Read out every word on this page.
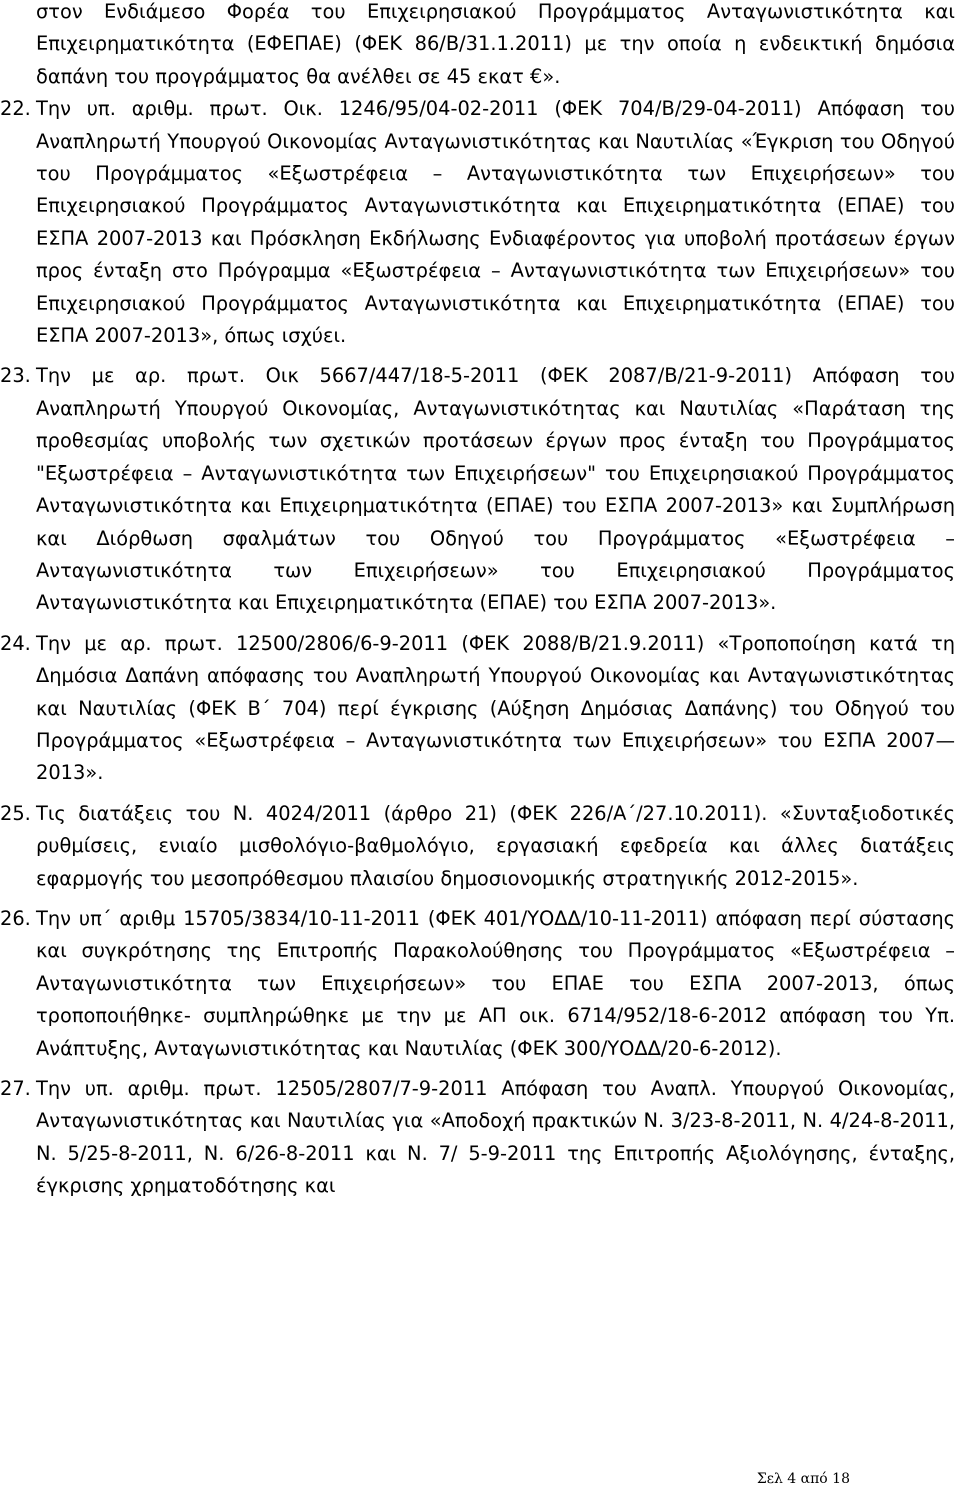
στον Ενδιάμεσο Φορέα του Επιχειρησιακού Προγράμματος Ανταγωνιστικότητα και Επιχειρηματικότητα (ΕΦΕΠΑΕ) (ΦΕΚ 86/Β/31.1.2011) με την οποία η ενδεικτική δημόσια δαπάνη του προγράμματος θα ανέλθει σε 45 εκατ €».

22. Την υπ. αριθμ. πρωτ. Οικ. 1246/95/04-02-2011 (ΦΕΚ 704/Β/29-04-2011) Απόφαση του Αναπληρωτή Υπουργού Οικονομίας Ανταγωνιστικότητας και Ναυτιλίας «Έγκριση του Οδηγού του Προγράμματος «Εξωστρέφεια – Ανταγωνιστικότητα των Επιχειρήσεων» του Επιχειρησιακού Προγράμματος Ανταγωνιστικότητα και Επιχειρηματικότητα (ΕΠΑΕ) του ΕΣΠΑ 2007-2013 και Πρόσκληση Εκδήλωσης Ενδιαφέροντος για υποβολή προτάσεων έργων προς ένταξη στο Πρόγραμμα «Εξωστρέφεια – Ανταγωνιστικότητα των Επιχειρήσεων» του Επιχειρησιακού Προγράμματος Ανταγωνιστικότητα και Επιχειρηματικότητα (ΕΠΑΕ) του ΕΣΠΑ 2007-2013», όπως ισχύει.
23. Την με αρ. πρωτ. Οικ 5667/447/18-5-2011 (ΦΕΚ 2087/Β/21-9-2011) Απόφαση του Αναπληρωτή Υπουργού Οικονομίας, Ανταγωνιστικότητας και Ναυτιλίας «Παράταση της προθεσμίας υποβολής των σχετικών προτάσεων έργων προς ένταξη του Προγράμματος "Εξωστρέφεια – Ανταγωνιστικότητα των Επιχειρήσεων" του Επιχειρησιακού Προγράμματος Ανταγωνιστικότητα και Επιχειρηματικότητα (ΕΠΑΕ) του ΕΣΠΑ 2007-2013» και Συμπλήρωση και Διόρθωση σφαλμάτων του Οδηγού του Προγράμματος «Εξωστρέφεια – Ανταγωνιστικότητα των Επιχειρήσεων» του Επιχειρησιακού Προγράμματος Ανταγωνιστικότητα και Επιχειρηματικότητα (ΕΠΑΕ) του ΕΣΠΑ 2007-2013».
24. Την με αρ. πρωτ. 12500/2806/6-9-2011 (ΦΕΚ 2088/Β/21.9.2011) «Τροποποίηση κατά τη Δημόσια Δαπάνη απόφασης του Αναπληρωτή Υπουργού Οικονομίας και Ανταγωνιστικότητας και Ναυτιλίας (ΦΕΚ Β΄ 704) περί έγκρισης (Αύξηση Δημόσιας Δαπάνης) του Οδηγού του Προγράμματος «Εξωστρέφεια – Ανταγωνιστικότητα των Επιχειρήσεων» του ΕΣΠΑ 2007—2013».
25. Τις διατάξεις του Ν. 4024/2011 (άρθρο 21) (ΦΕΚ 226/Α΄/27.10.2011). «Συνταξιοδοτικές ρυθμίσεις, ενιαίο μισθολόγιο-βαθμολόγιο, εργασιακή εφεδρεία και άλλες διατάξεις εφαρμογής του μεσοπρόθεσμου πλαισίου δημοσιονομικής στρατηγικής 2012-2015».
26. Την υπ΄ αριθμ 15705/3834/10-11-2011 (ΦΕΚ 401/ΥΟΔΔ/10-11-2011) απόφαση περί σύστασης και συγκρότησης της Επιτροπής Παρακολούθησης του Προγράμματος «Εξωστρέφεια – Ανταγωνιστικότητα των Επιχειρήσεων» του ΕΠΑΕ του ΕΣΠΑ 2007-2013, όπως τροποποιήθηκε- συμπληρώθηκε με την με ΑΠ οικ. 6714/952/18-6-2012 απόφαση του Υπ. Ανάπτυξης, Ανταγωνιστικότητας και Ναυτιλίας (ΦΕΚ 300/ΥΟΔΔ/20-6-2012).
27. Την υπ. αριθμ. πρωτ. 12505/2807/7-9-2011 Απόφαση του Αναπλ. Υπουργού Οικονομίας, Ανταγωνιστικότητας και Ναυτιλίας για «Αποδοχή πρακτικών Ν. 3/23-8-2011, Ν. 4/24-8-2011, Ν. 5/25-8-2011, Ν. 6/26-8-2011 και Ν. 7/ 5-9-2011 της Επιτροπής Αξιολόγησης, ένταξης, έγκρισης χρηματοδότησης και
Σελ 4 από 18
